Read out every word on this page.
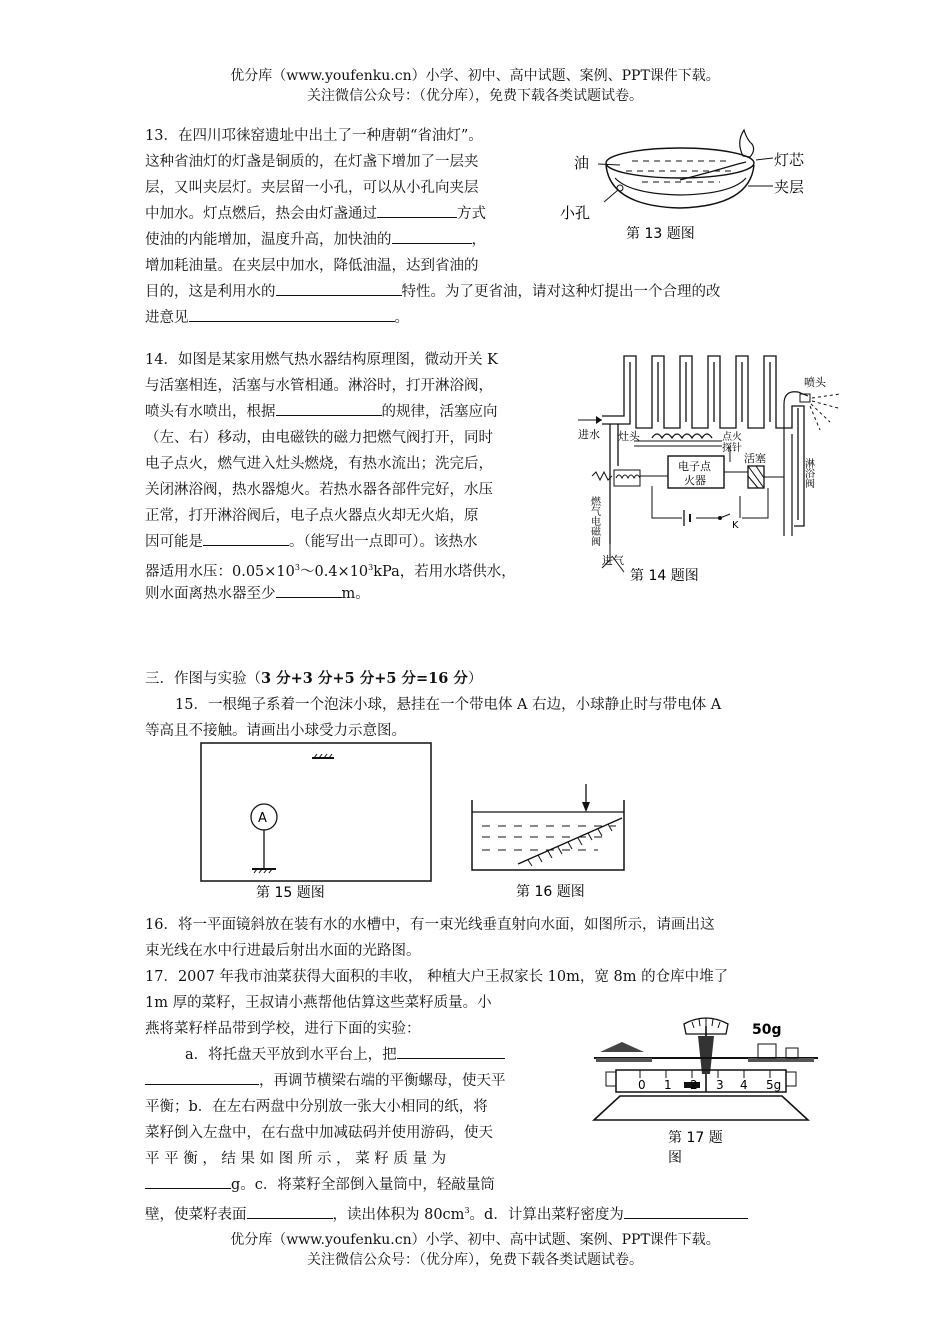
优分库（www.youfenku.cn）小学、初中、高中试题、案例、PPT课件下载。
关注微信公众号：（优分库），免费下载各类试题试卷。
13．在四川邛徕窑遗址中出土了一种唐朝“省油灯”。
这种省油灯的灯盏是铜质的，在灯盏下增加了一层夹
层，又叫夹层灯。夹层留一小孔，可以从小孔向夹层
中加水。灯点燃后，热会由灯盏通过	方式
使油的内能增加，温度升高，加快油的	，
增加耗油量。在夹层中加水，降低油温，达到省油的
目的，这是利用水的	特性。为了更省油，请对这种灯提出一个合理的改
进意见	。
油	灯芯
夹层
小孔
第 13 题图
14．如图是某家用燃气热水器结构原理图，微动开关 K
与活塞相连，活塞与水管相通。淋浴时，打开淋浴阀，
喷头有水喷出，根据	的规律，活塞应向
（左、右）移动，由电磁铁的磁力把燃气阀打开，同时
电子点火，燃气进入灶头燃烧，有热水流出；洗完后，
关闭淋浴阀，热水器熄火。若热水器各部件完好，水压
正常，打开淋浴阀后，电子点火器点火却无火焰，原
因可能是	。（能写出一点即可）。该热水
器适用水压：$0.05\times 10^3\sim 0.4\times 10^3kPa$，若用水塔供水，
则水面离热水器至少	m。
进水 灶头	点火
探针
喷头
电子点
火器
活塞	淋浴阀
燃气电磁阀
进气
K
第 14 题图
三．作图与实验（3 分+3 分+5 分+5 分=16 分）
15．一根绳子系着一个泡沫小球，悬挂在一个带电体 A 右边，小球静止时与带电体 A
等高且不接触。请画出小球受力示意图。
A
第 15 题图	第 16 题图
16．将一平面镜斜放在装有水的水槽中，有一束光线垂直射向水面，如图所示，请画出这
束光线在水中行进最后射出水面的光路图。
17．2007 年我市油菜获得大面积的丰收， 种植大户王叔家长 10m，宽 8m 的仓库中堆了
1m 厚的菜籽，王叔请小燕帮他估算这些菜籽质量。小
燕将菜籽样品带到学校，进行下面的实验：
a．将托盘天平放到水平台上，把
，再调节横梁右端的平衡螺母，使天平
平衡；b．在左右两盘中分别放一张大小相同的纸，将
菜籽倒入左盘中，在右盘中加减砝码并使用游码，使天
平 平 衡 ， 结 果 如 图 所 示 ， 菜 籽 质 量 为
g。c．将菜籽全部倒入量筒中，轻敲量筒
壁，使菜籽表面	，读出体积为 $80cm^3$。d．计算出菜籽密度为
50g
0 1 2 3 4 5g
第 17 题
图
优分库（www.youfenku.cn）小学、初中、高中试题、案例、PPT课件下载。
关注微信公众号：（优分库），免费下载各类试题试卷。
